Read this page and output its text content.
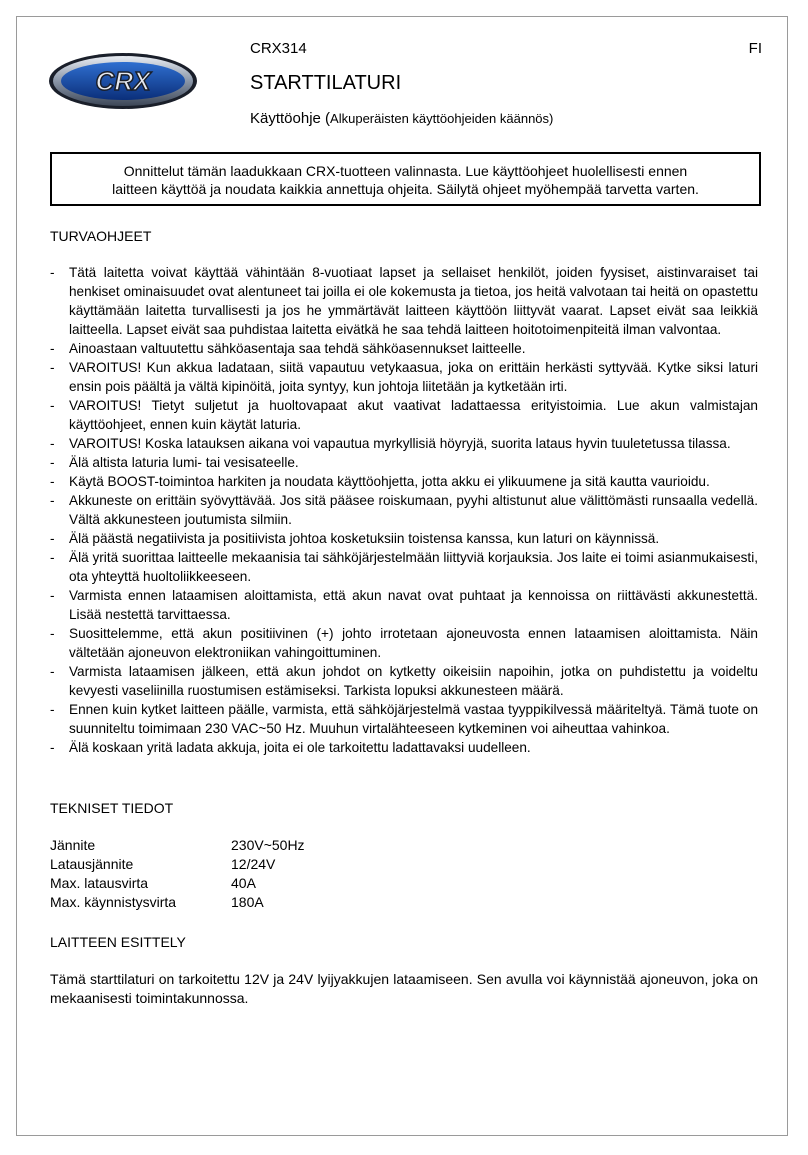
CRX
CRX314	FI
STARTTILATURI
Käyttöohje (Alkuperäisten käyttöohjeiden käännös)
Onnittelut tämän laadukkaan CRX-tuotteen valinnasta. Lue käyttöohjeet huolellisesti ennen
laitteen käyttöä ja noudata kaikkia annettuja ohjeita. Säilytä ohjeet myöhempää tarvetta varten.

TURVAOHJEET

- Tätä laitetta voivat käyttää vähintään 8-vuotiaat lapset ja sellaiset henkilöt, joiden fyysiset, aistinvaraiset tai henkiset ominaisuudet ovat alentuneet tai joilla ei ole kokemusta ja tietoa, jos heitä valvotaan tai heitä on opastettu käyttämään laitetta turvallisesti ja jos he ymmärtävät laitteen käyttöön liittyvät vaarat. Lapset eivät saa leikkiä laitteella. Lapset eivät saa puhdistaa laitetta eivätkä he saa tehdä laitteen hoitotoimenpiteitä ilman valvontaa.
- Ainoastaan valtuutettu sähköasentaja saa tehdä sähköasennukset laitteelle.
- VAROITUS! Kun akkua ladataan, siitä vapautuu vetykaasua, joka on erittäin herkästi syttyvää. Kytke siksi laturi ensin pois päältä ja vältä kipinöitä, joita syntyy, kun johtoja liitetään ja kytketään irti.
- VAROITUS! Tietyt suljetut ja huoltovapaat akut vaativat ladattaessa erityistoimia. Lue akun valmistajan käyttöohjeet, ennen kuin käytät laturia.
- VAROITUS! Koska latauksen aikana voi vapautua myrkyllisiä höyryjä, suorita lataus hyvin tuuletetussa tilassa.
- Älä altista laturia lumi- tai vesisateelle.
- Käytä BOOST-toimintoa harkiten ja noudata käyttöohjetta, jotta akku ei ylikuumene ja sitä kautta vaurioidu.
- Akkuneste on erittäin syövyttävää. Jos sitä pääsee roiskumaan, pyyhi altistunut alue välittömästi runsaalla vedellä. Vältä akkunesteen joutumista silmiin.
- Älä päästä negatiivista ja positiivista johtoa kosketuksiin toistensa kanssa, kun laturi on käynnissä.
- Älä yritä suorittaa laitteelle mekaanisia tai sähköjärjestelmään liittyviä korjauksia. Jos laite ei toimi asianmukaisesti, ota yhteyttä huoltoliikkeeseen.
- Varmista ennen lataamisen aloittamista, että akun navat ovat puhtaat ja kennoissa on riittävästi akkunestettä. Lisää nestettä tarvittaessa.
- Suosittelemme, että akun positiivinen (+) johto irrotetaan ajoneuvosta ennen lataamisen aloittamista. Näin vältetään ajoneuvon elektroniikan vahingoittuminen.
- Varmista lataamisen jälkeen, että akun johdot on kytketty oikeisiin napoihin, jotka on puhdistettu ja voideltu kevyesti vaseliinilla ruostumisen estämiseksi. Tarkista lopuksi akkunesteen määrä.
- Ennen kuin kytket laitteen päälle, varmista, että sähköjärjestelmä vastaa tyyppikilvessä määriteltyä. Tämä tuote on suunniteltu toimimaan 230 VAC~50 Hz. Muuhun virtalähteeseen kytkeminen voi aiheuttaa vahinkoa.
- Älä koskaan yritä ladata akkuja, joita ei ole tarkoitettu ladattavaksi uudelleen.

TEKNISET TIEDOT

Jännite	230V~50Hz
Latausjännite	12/24V
Max. latausvirta	40A
Max. käynnistysvirta	180A

LAITTEEN ESITTELY

Tämä starttilaturi on tarkoitettu 12V ja 24V lyijyakkujen lataamiseen. Sen avulla voi käynnistää ajoneuvon, joka on mekaanisesti toimintakunnossa.
